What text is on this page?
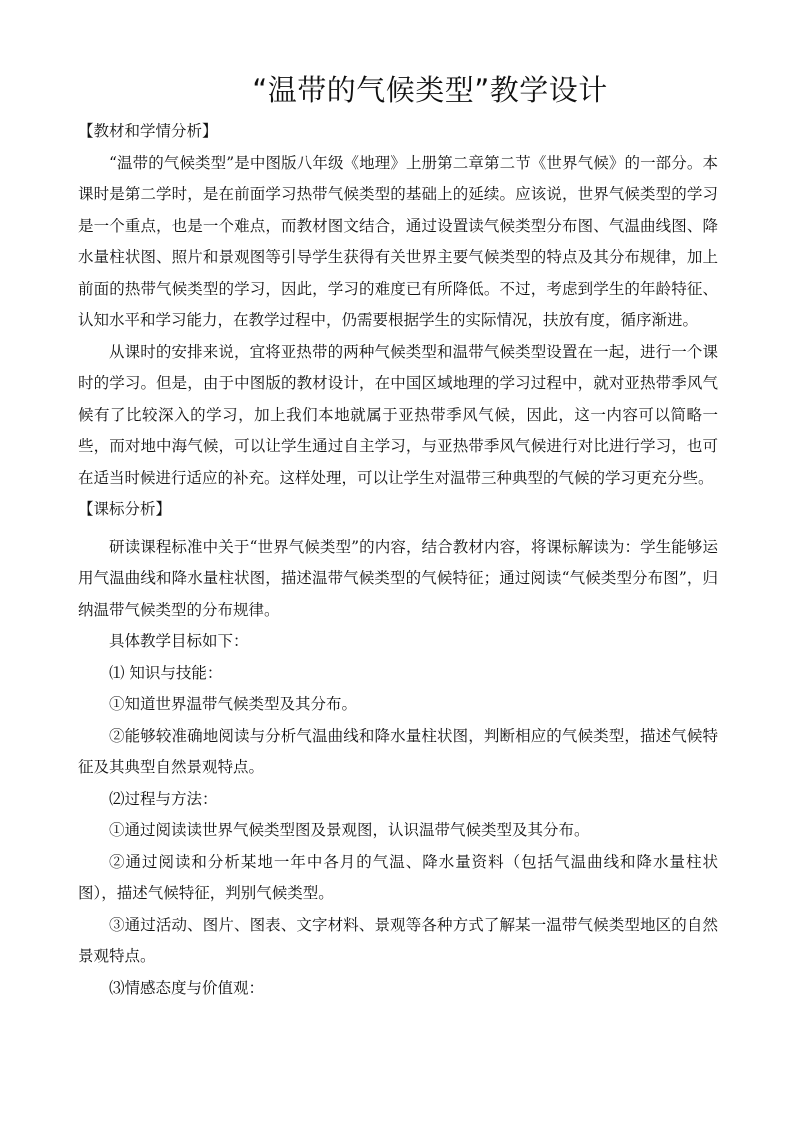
“温带的气候类型”教学设计

【教材和学情分析】

“温带的气候类型”是中图版八年级《地理》上册第二章第二节《世界气候》的一部分。本课时是第二学时，是在前面学习热带气候类型的基础上的延续。应该说，世界气候类型的学习是一个重点，也是一个难点，而教材图文结合，通过设置读气候类型分布图、气温曲线图、降水量柱状图、照片和景观图等引导学生获得有关世界主要气候类型的特点及其分布规律，加上前面的热带气候类型的学习，因此，学习的难度已有所降低。不过，考虑到学生的年龄特征、认知水平和学习能力，在教学过程中，仍需要根据学生的实际情况，扶放有度，循序渐进。

从课时的安排来说，宜将亚热带的两种气候类型和温带气候类型设置在一起，进行一个课时的学习。但是，由于中图版的教材设计，在中国区域地理的学习过程中，就对亚热带季风气候有了比较深入的学习，加上我们本地就属于亚热带季风气候，因此，这一内容可以简略一些，而对地中海气候，可以让学生通过自主学习，与亚热带季风气候进行对比进行学习，也可在适当时候进行适应的补充。这样处理，可以让学生对温带三种典型的气候的学习更充分些。

【课标分析】

研读课程标准中关于“世界气候类型”的内容，结合教材内容，将课标解读为：学生能够运用气温曲线和降水量柱状图，描述温带气候类型的气候特征；通过阅读“气候类型分布图”，归纳温带气候类型的分布规律。

具体教学目标如下：

⑴ 知识与技能：

①知道世界温带气候类型及其分布。

②能够较准确地阅读与分析气温曲线和降水量柱状图，判断相应的气候类型，描述气候特征及其典型自然景观特点。

⑵过程与方法：

①通过阅读读世界气候类型图及景观图，认识温带气候类型及其分布。

②通过阅读和分析某地一年中各月的气温、降水量资料（包括气温曲线和降水量柱状图），描述气候特征，判别气候类型。

③通过活动、图片、图表、文字材料、景观等各种方式了解某一温带气候类型地区的自然景观特点。

⑶情感态度与价值观：
